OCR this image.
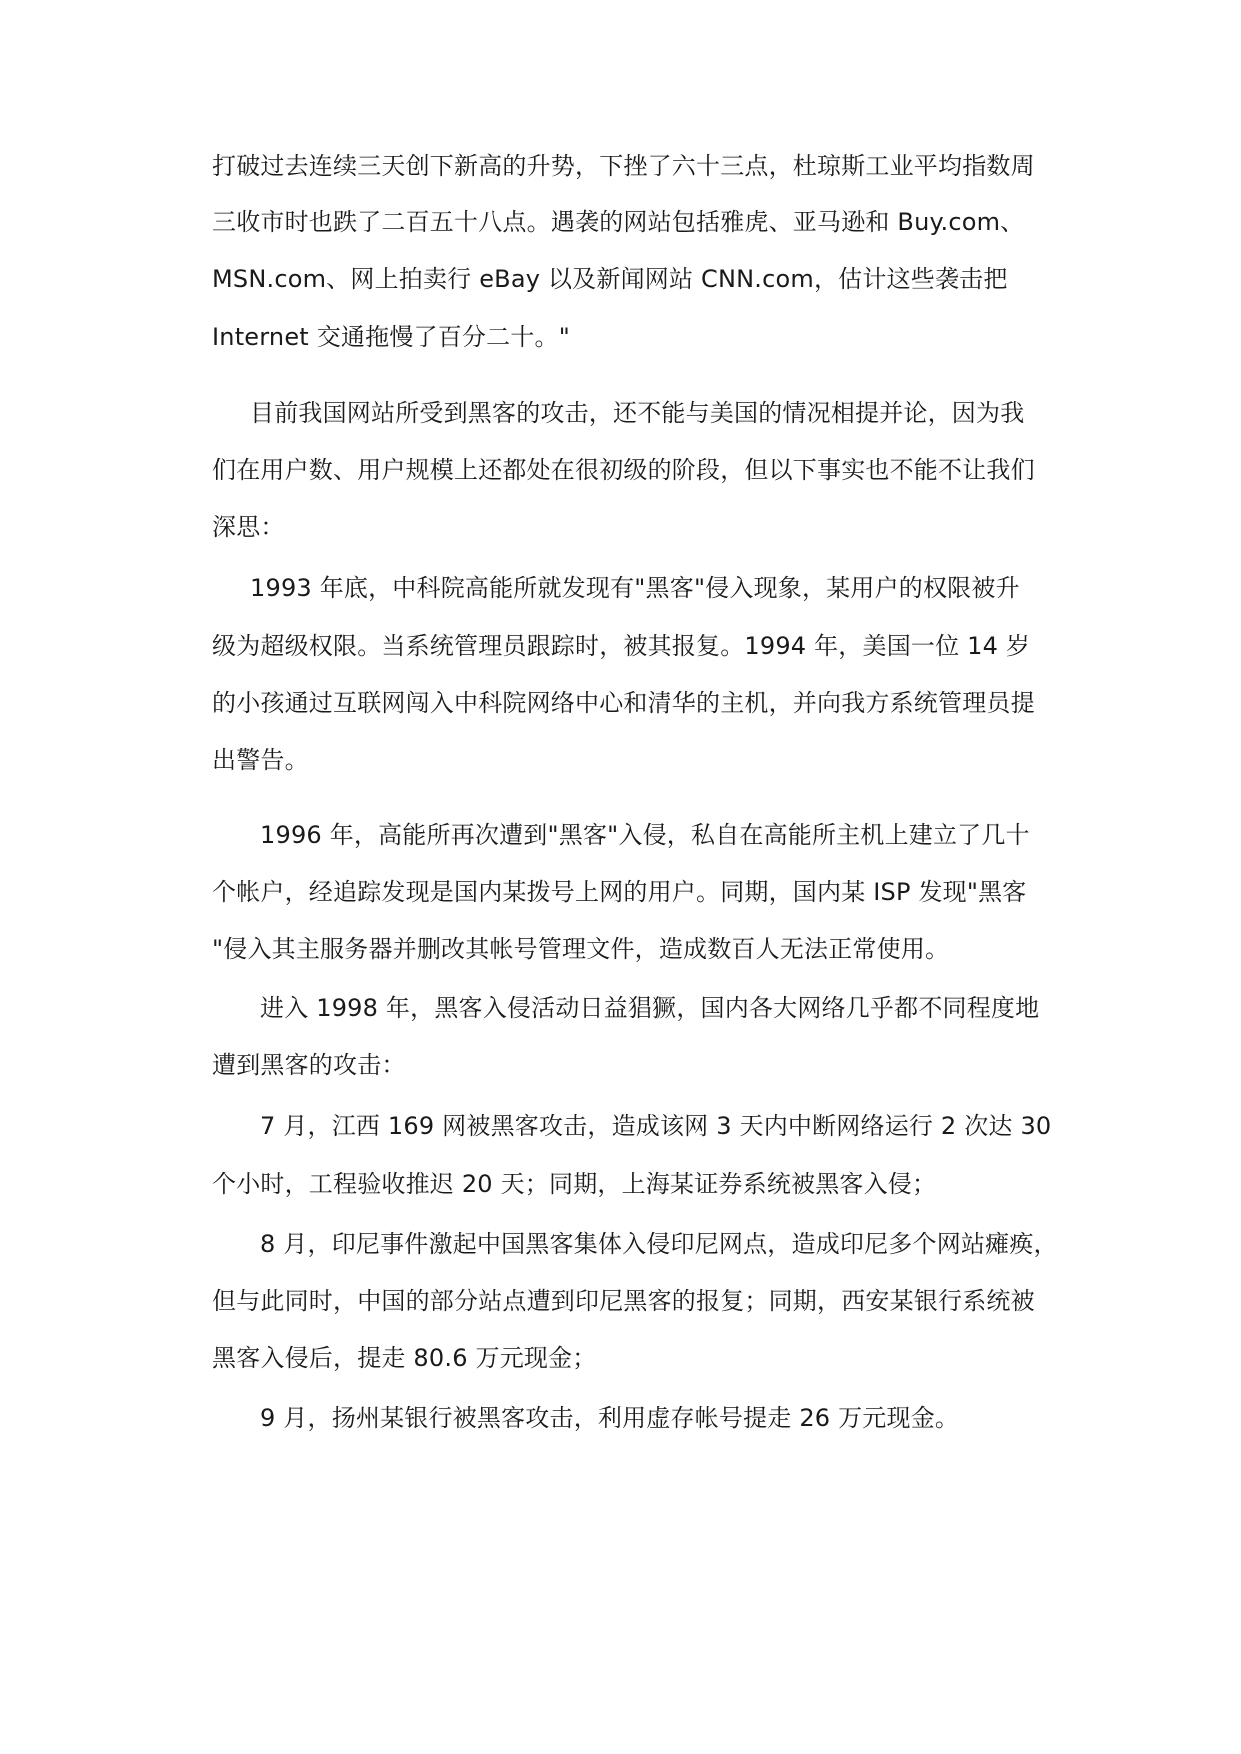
打破过去连续三天创下新高的升势，下挫了六十三点，杜琼斯工业平均指数周
三收市时也跌了二百五十八点。遇袭的网站包括雅虎、亚马逊和 Buy.com、
MSN.com、网上拍卖行 eBay 以及新闻网站 CNN.com，估计这些袭击把
Internet 交通拖慢了百分二十。"
目前我国网站所受到黑客的攻击，还不能与美国的情况相提并论，因为我
们在用户数、用户规模上还都处在很初级的阶段，但以下事实也不能不让我们
深思：
1993 年底，中科院高能所就发现有"黑客"侵入现象，某用户的权限被升
级为超级权限。当系统管理员跟踪时，被其报复。1994 年，美国一位 14 岁
的小孩通过互联网闯入中科院网络中心和清华的主机，并向我方系统管理员提
出警告。
1996 年，高能所再次遭到"黑客"入侵，私自在高能所主机上建立了几十
个帐户，经追踪发现是国内某拨号上网的用户。同期，国内某 ISP 发现"黑客
"侵入其主服务器并删改其帐号管理文件，造成数百人无法正常使用。
进入 1998 年，黑客入侵活动日益猖獗，国内各大网络几乎都不同程度地
遭到黑客的攻击：
7 月，江西 169 网被黑客攻击，造成该网 3 天内中断网络运行 2 次达 30
个小时，工程验收推迟 20 天；同期，上海某证券系统被黑客入侵；
8 月，印尼事件激起中国黑客集体入侵印尼网点，造成印尼多个网站瘫痪，
但与此同时，中国的部分站点遭到印尼黑客的报复；同期，西安某银行系统被
黑客入侵后，提走 80.6 万元现金；
9 月，扬州某银行被黑客攻击，利用虚存帐号提走 26 万元现金。
